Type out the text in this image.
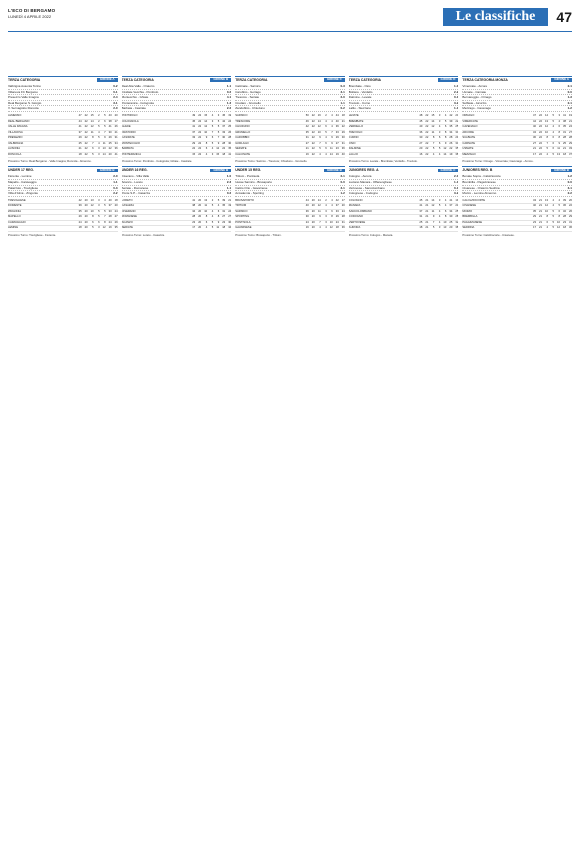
L'ECO DI BERGAMO
LUNEDÌ 4 APRILE 2022	Le classifiche	47
TERZA CATEGORIA	GIRONE A
Valbrigna Ausonia Torino	0-2
Villanova FC Bergamo	0-1
Presezzo Valle Imagna	2-4
Real Bergamo S. Giorgio	3-1
V. Sernagiotto Roncola	2-0
ALMENNO	47	22	15	2	5	43	20
REAL BERGAMO	44	22	14	2	6	38	17
VALLE IMAGNA	41	22	12	5	5	41	26
VILLANOVA	37	22	11	4	7	30	21
PRESEZZO	29	22	8	5	9	29	31
VALBRIGNA	25	22	7	4	11	25	34
AUSONIA	21	22	6	3	13	22	36
RONCOLA	18	22	5	3	14	20	41
Prossimo Turno: Real Bergamo - Valle Imagna; Roncola - Almenno.
TERZA CATEGORIA	GIRONE B
Real Alta Valle - Oratorio	1-1
Cividate Vecchia - Pontirolo	0-2
Montecchio - Ghiaie	4-1
Ponteranica - Colognola	1-3
Barbata - Casirate	2-2
PONTIROLO	49	22	15	4	3	45	19
COLOGNOLA	45	22	14	3	5	42	24
GHIAIE	41	22	12	5	5	37	25
ORATORIO	37	22	10	7	5	33	26
CASIRATE	33	22	9	6	7	30	28
MONTECCHIO	29	22	8	5	9	28	30
BARBATA	22	22	6	4	12	22	35
PONTERANICA	15	22	4	3	15	18	41
Prossimo Turno: Pontirolo - Colognola; Ghiaie - Casirate.
TERZA CATEGORIA	GIRONE C
Calcinate - Sarnico	0-3
Carobbio - Gorlago	3-1
Trescore - Seriate	2-0
Credaro - Grumello	1-1
Zandobbio - Chiuduno	0-2
SARNICO	50	22	16	2	4	44	18
TRESCORE	46	22	14	4	4	40	21
CHIUDUNO	42	22	12	6	4	36	22
GRUMELLO	35	22	10	5	7	33	29
CAROBBIO	31	22	9	4	9	29	30
GORLAGO	27	22	7	6	9	27	31
SERIATE	21	22	5	6	11	23	36
CALCINATE	16	22	4	4	14	19	40
Prossimo Turno: Sarnico - Trescore; Chiuduno - Grumello.
TERZA CATEGORIA	GIRONE D
Brembate - Osio	1-0
Boltiere - Verdello	2-2
Dalmine - Levate	0-1
Treviolo - Curno	3-2
Lallio - Stezzano	1-1
LEVATE	48	22	15	3	4	42	20
BREMBATE	45	22	14	3	5	39	22
VERDELLO	40	22	12	4	6	35	25
TREVIOLO	36	22	11	3	8	34	30
CURNO	30	22	8	6	8	28	29
OSIO	27	22	7	6	9	26	30
DALMINE	20	22	5	5	12	22	35
LALLIO	16	22	4	4	14	19	38
Prossimo Turno: Levate - Brembate; Verdello - Treviolo.
TERZA CATEGORIA MONZA	GIRONE A
Vimercate - Arcore	2-1
Usmate - Carnate	0-0
Bernareggio - Ornago	1-3
Sulbiate - Aicurzio	2-1
Mezzago - Cavenago	1-2
ORNAGO	47	22	14	5	3	41	19
VIMERCATE	44	22	13	5	4	38	21
CAVENAGO	40	22	12	4	6	35	24
ARCORE	34	22	10	4	8	31	27
SULBIATE	30	22	8	6	8	28	28
CARNATE	27	22	7	6	9	25	29
USMATE	21	22	5	6	11	21	33
MEZZAGO	17	22	4	5	13	18	37
Prossimo Turno: Ornago - Vimercate; Cavenago - Arcore.
UNDER 17 REG.	GIRONE B
Fiorente - Lemine	2-0
Mapello - Caravaggio	1-1
Palazzolo - Trevigliese	0-3
Villa d'Almè - Zingonia	2-2
TREVIGLIESE	42	20	13	3	4	40	18
FIORENTE	39	20	12	3	5	37	20
ZINGONIA	35	20	10	5	5	33	24
MAPELLO	29	20	8	5	7	28	27
CARAVAGGIO	24	20	6	6	8	24	29
LEMINE	18	20	5	3	12	19	35
Prossimo Turno: Trevigliese - Fiorente.
UNDER 16 REG.	GIRONE B
Ciserano - Villa Valle	1-0
Scanzo - Loreto	2-3
Seriate - Romanese	1-1
Ponte S.P. - Casazza	0-2
LORETO	41	20	13	2	5	39	21
CASAZZA	38	20	11	5	4	35	19
CISERANO	34	20	10	4	6	31	24
ROMANESE	28	20	8	4	8	27	27
SCANZO	23	20	6	5	9	23	30
SERIATE	17	20	4	5	11	18	34
Prossimo Turno: Loreto - Casazza.
UNDER 15 REG.	GIRONE B
Tritium - Pontisola	2-1
Uesse Sarnico - Brusaporto	0-0
Calcio Orio - Gavarnese	3-1
Accademia - Sporting	1-2
BRUSAPORTO	44	20	14	2	4	42	17
TRITIUM	40	20	12	4	4	37	20
SARNICO	36	20	11	3	6	33	24
SPORTING	30	20	9	3	8	29	28
PONTISOLA	24	20	7	3	10	24	31
GAVARNESE	16	20	4	4	12	18	36
Prossimo Turno: Brusaporto - Tritium.
JUNIORES REG. A	GIRONE C
Cologno - Aurora	2-0
Luciano Manara - Offanenghese	1-1
Vertovese - Sancolombano	0-1
Colognese - Codogno	3-2
COLOGNO	45	21	14	3	4	41	19
MANARA	41	21	12	5	4	37	21
SANCOLOMBANO	37	21	11	4	6	34	25
CODOGNO	31	21	9	4	8	30	28
VERTOVESE	25	21	7	4	10	25	32
AURORA	18	21	5	3	13	20	38
Prossimo Turno: Cologno - Manara.
JUNIORES REG. B	GIRONE B
Bonate Sopra - Calolziocorte	1-2
Brembilla - Pagazzanese	0-0
Cisanese - Oratorio Sedrina	3-1
Mozzo - Lemine Almenno	2-2
CALOLZIOCORTE	43	21	13	4	4	39	20
CISANESE	40	21	12	4	5	36	22
MOZZO	35	21	10	5	6	32	26
BREMBILLA	29	21	8	5	8	28	29
PAGAZZANESE	23	21	6	5	10	23	31
SEDRINA	17	21	4	5	12	18	36
Prossimo Turno: Calolziocorte - Cisanese.
